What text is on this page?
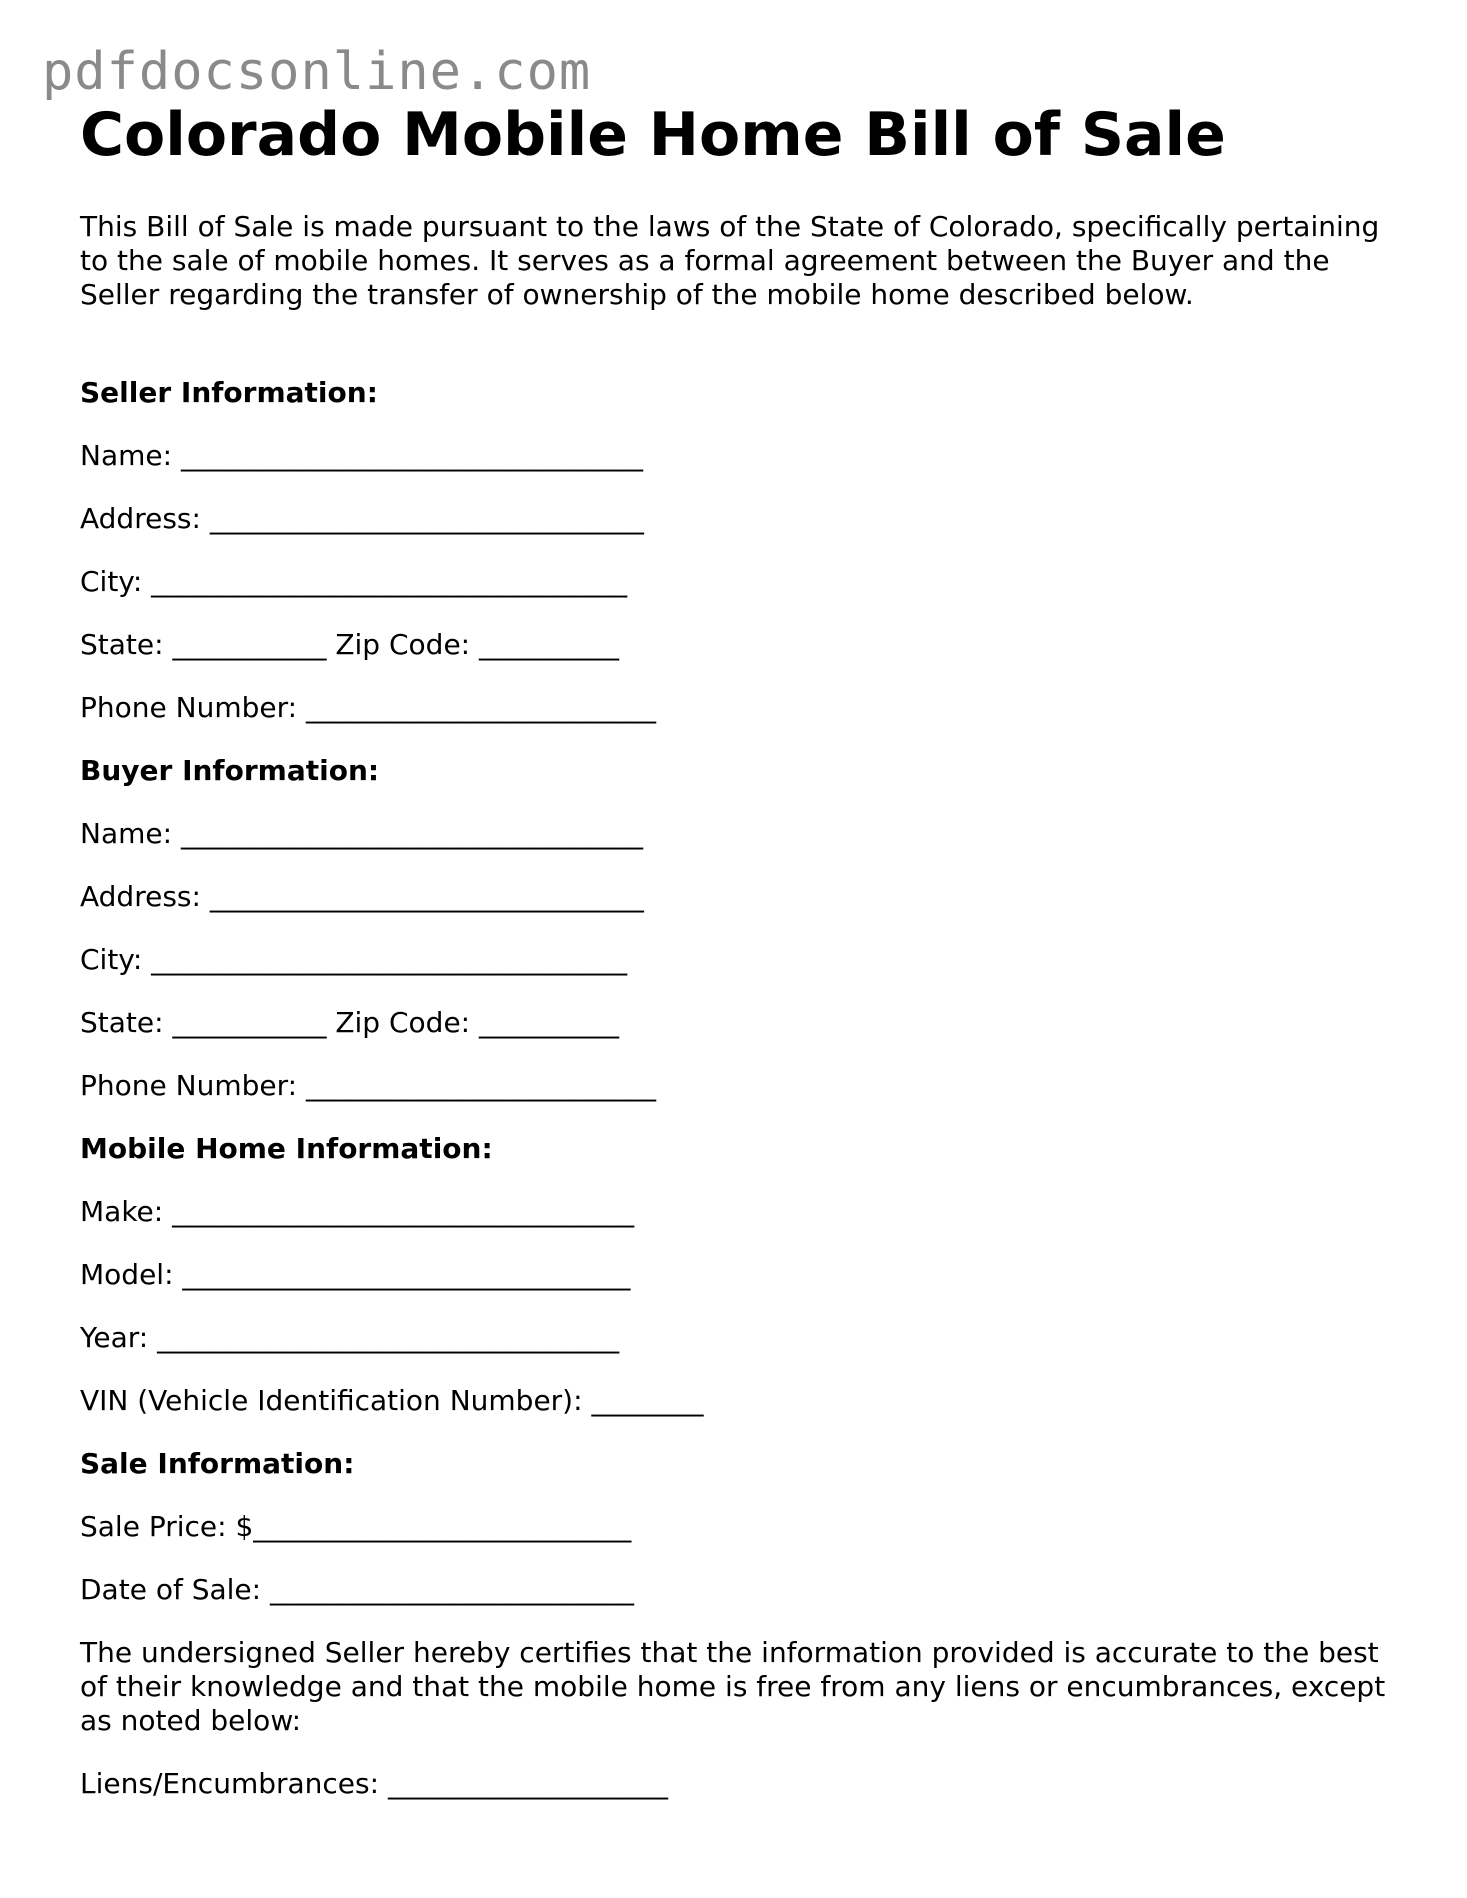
pdfdocsonline.com
Colorado Mobile Home Bill of Sale

This Bill of Sale is made pursuant to the laws of the State of Colorado, specifically pertaining to the sale of mobile homes. It serves as a formal agreement between the Buyer and the Seller regarding the transfer of ownership of the mobile home described below.

Seller Information:
Name: _________________________________
Address: _______________________________
City: __________________________________
State: ___________ Zip Code: __________
Phone Number: _________________________
Buyer Information:
Name: _________________________________
Address: _______________________________
City: __________________________________
State: ___________ Zip Code: __________
Phone Number: _________________________
Mobile Home Information:
Make: _________________________________
Model: ________________________________
Year: _________________________________
VIN (Vehicle Identification Number): ________
Sale Information:
Sale Price: $___________________________
Date of Sale: __________________________

The undersigned Seller hereby certifies that the information provided is accurate to the best of their knowledge and that the mobile home is free from any liens or encumbrances, except as noted below:

Liens/Encumbrances: ____________________
